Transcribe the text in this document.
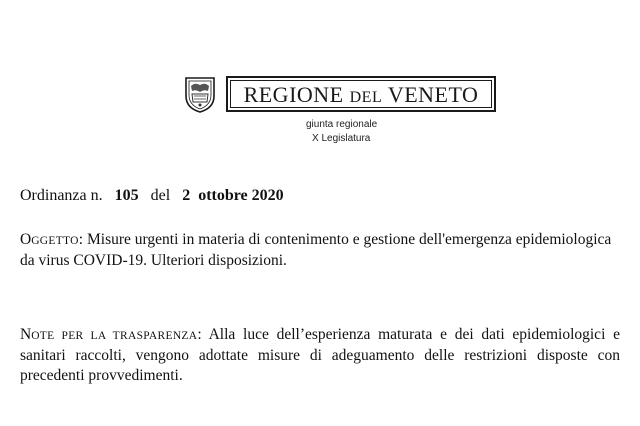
REGIONE DEL VENETO
giunta regionale
X Legislatura
Ordinanza n. 105 del 2 ottobre 2020
OGGETTO: Misure urgenti in materia di contenimento e gestione dell'emergenza epidemiologica da virus COVID-19. Ulteriori disposizioni.
NOTE PER LA TRASPARENZA: Alla luce dell’esperienza maturata e dei dati epidemiologici e sanitari raccolti, vengono adottate misure di adeguamento delle restrizioni disposte con precedenti provvedimenti.
